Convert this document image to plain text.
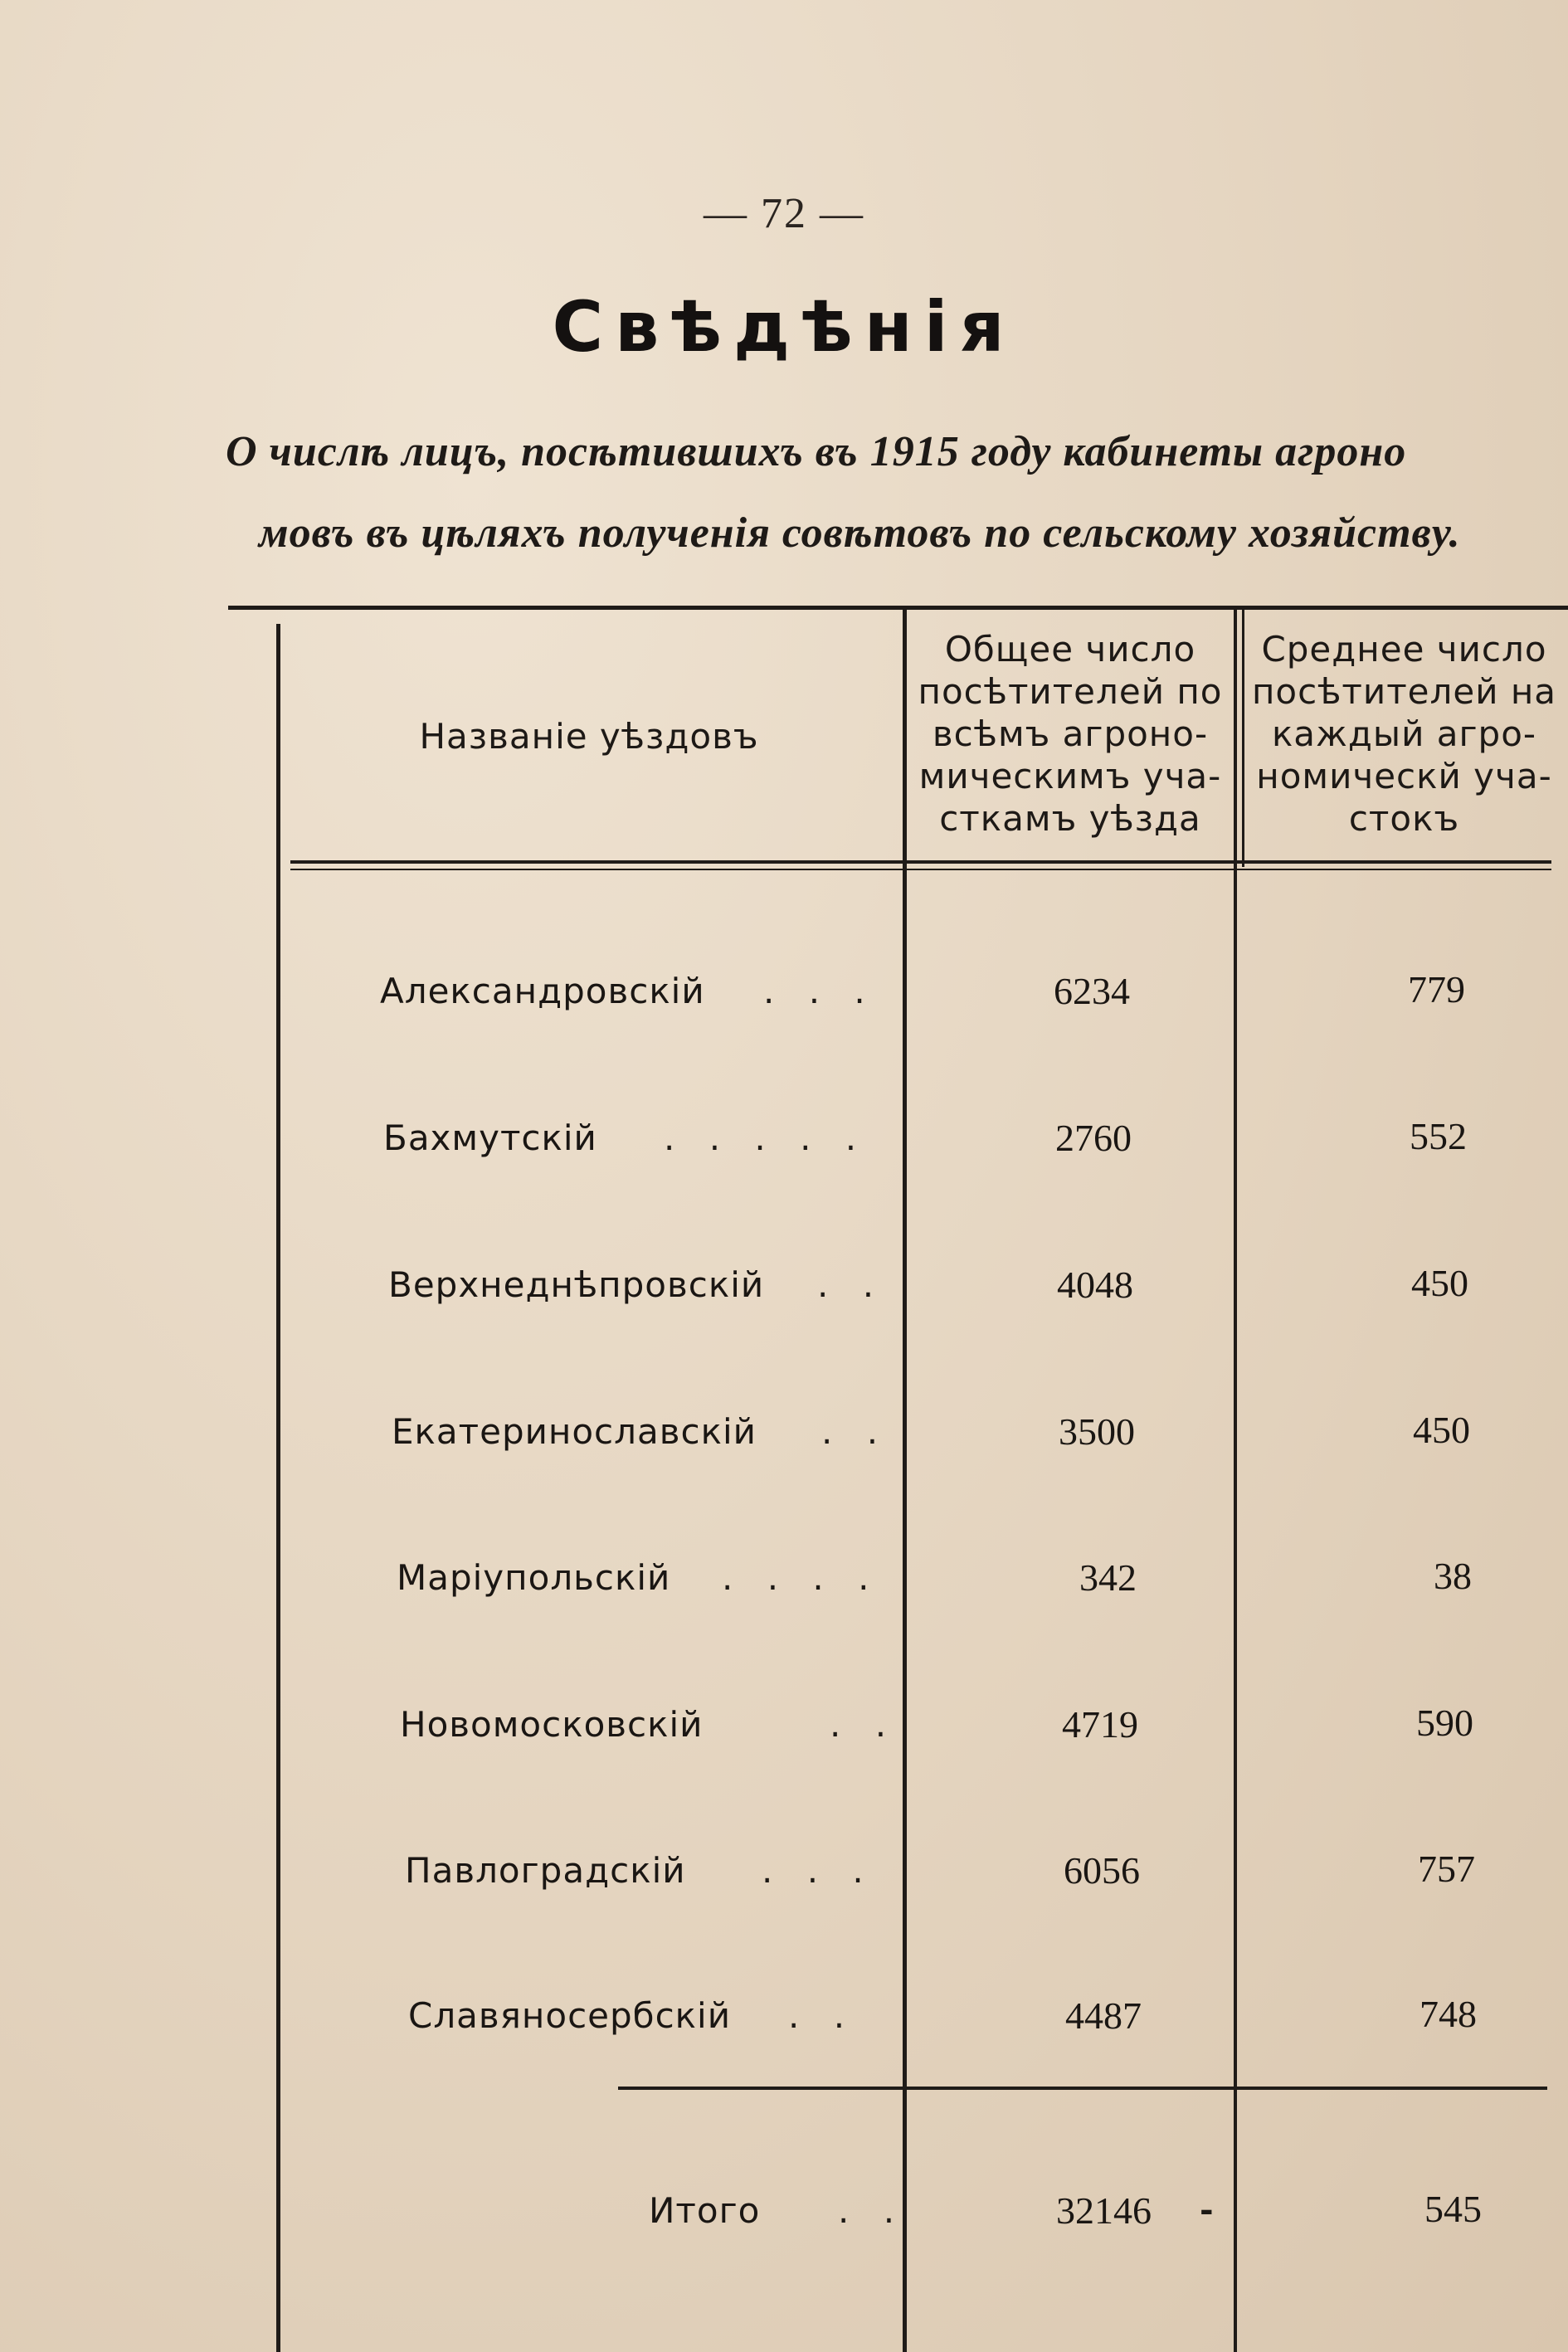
— 72 —
Свѣдѣнія
О числѣ лицъ, посѣтившихъ въ 1915 году кабинеты агроно
мовъ въ цѣляхъ полученія совѣтовъ по сельскому хозяйству.
Названіе уѣздовъ
Общее число посѣтителей по всѣмъ агроно- мическимъ уча- сткамъ уѣзда
Среднее число посѣтителей на каждый агро- номическй уча- стокъ
Александровскій . . .	6234	779
Бахмутскій . . . . .	2760	552
Верхнеднѣпровскій . .	4048	450
Екатеринославскій . .	3500	450
Маріупольскій . . . .	342	38
Новомосковскій	. .	4719	590
Павлоградскій . . .	6056	757
Славяносербскій . .	4487	748
Итого . .	32146	545
-
